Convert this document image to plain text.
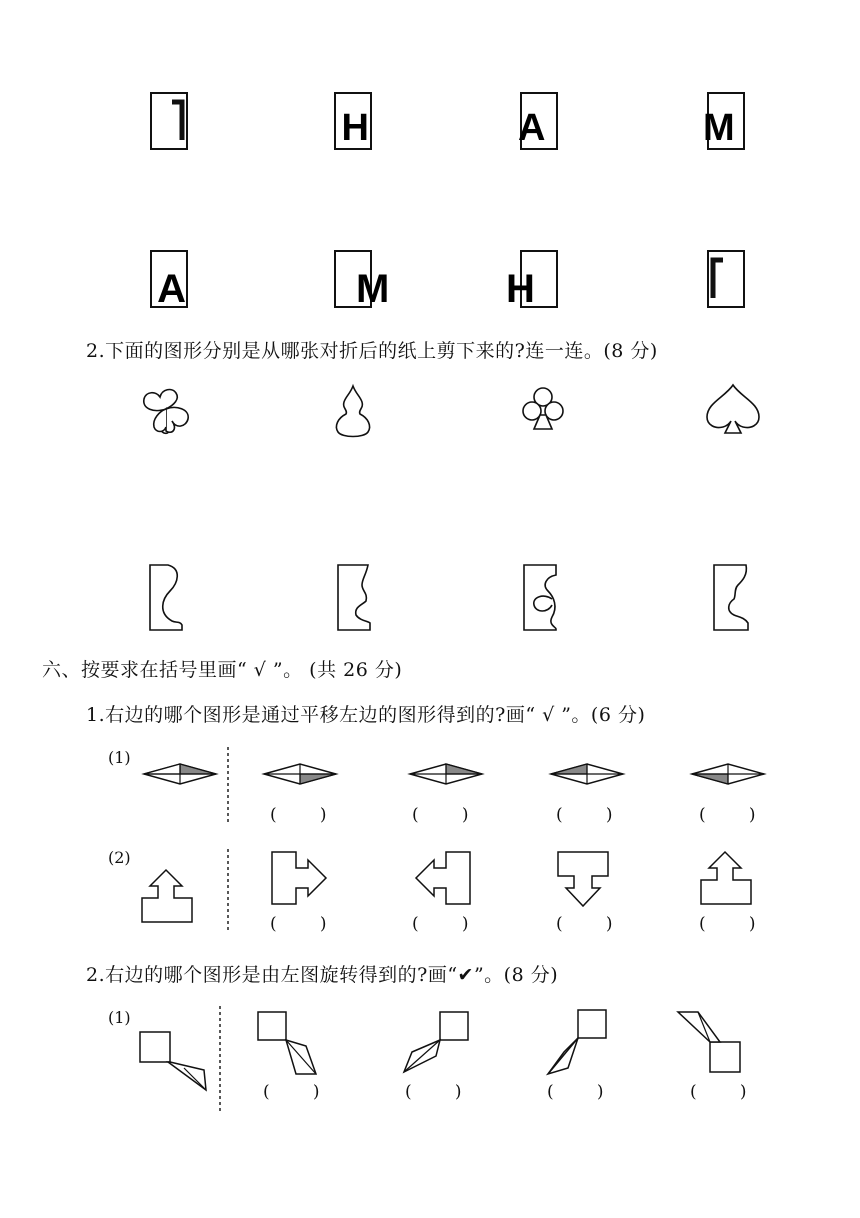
H	A	M
A	M	H
2.下面的图形分别是从哪张对折后的纸上剪下来的?连一连。(8 分)
六、按要求在括号里画“ √ ”。 (共 26 分)
1.右边的哪个图形是通过平移左边的图形得到的?画“ √ ”。(6 分)
(1)
(        )	(        )	(        )	(        )
(2)
(        )	(        )	(        )	(        )
2.右边的哪个图形是由左图旋转得到的?画“✔”。(8 分)
(1)
(        )	(        )	(        )	(        )
